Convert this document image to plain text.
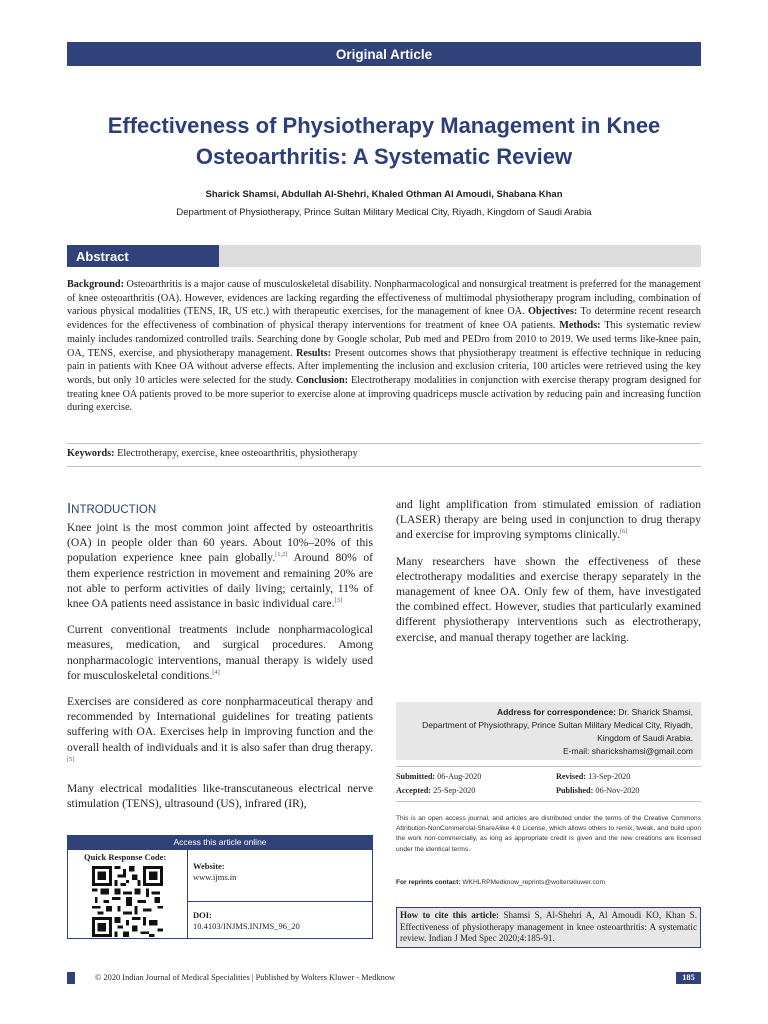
Original Article
Effectiveness of Physiotherapy Management in Knee
Osteoarthritis: A Systematic Review
Sharick Shamsi, Abdullah Al-Shehri, Khaled Othman Al Amoudi, Shabana Khan
Department of Physiotherapy, Prince Sultan Military Medical City, Riyadh, Kingdom of Saudi Arabia
Abstract
Background: Osteoarthritis is a major cause of musculoskeletal disability. Nonpharmacological and nonsurgical treatment is preferred for the management of knee osteoarthritis (OA). However, evidences are lacking regarding the effectiveness of multimodal physiotherapy program including, combination of various physical modalities (TENS, IR, US etc.) with therapeutic exercises, for the management of knee OA. Objectives: To determine recent research evidences for the effectiveness of combination of physical therapy interventions for treatment of knee OA patients. Methods: This systematic review mainly includes randomized controlled trails. Searching done by Google scholar, Pub med and PEDro from 2010 to 2019. We used terms like-knee pain, OA, TENS, exercise, and physiotherapy management. Results: Present outcomes shows that physiotherapy treatment is effective technique in reducing pain in patients with Knee OA without adverse effects. After implementing the inclusion and exclusion criteria, 100 articles were retrieved using the key words, but only 10 articles were selected for the study. Conclusion: Electrotherapy modalities in conjunction with exercise therapy program designed for treating knee OA patients proved to be more superior to exercise alone at improving quadriceps muscle activation by reducing pain and increasing function during exercise.
Keywords: Electrotherapy, exercise, knee osteoarthritis, physiotherapy
INTRODUCTION

Knee joint is the most common joint affected by osteoarthritis (OA) in people older than 60 years. About 10%–20% of this population experience knee pain globally.[1,2] Around 80% of them experience restriction in movement and remaining 20% are not able to perform activities of daily living; certainly, 11% of knee OA patients need assistance in basic individual care.[3]

Current conventional treatments include nonpharmacological measures, medication, and surgical procedures. Among nonpharmacologic interventions, manual therapy is widely used for musculoskeletal conditions.[4]

Exercises are considered as core nonpharmaceutical therapy and recommended by International guidelines for treating patients suffering with OA. Exercises help in improving function and the overall health of individuals and it is also safer than drug therapy.[5]

Many electrical modalities like-transcutaneous electrical nerve stimulation (TENS), ultrasound (US), infrared (IR),

and light amplification from stimulated emission of radiation (LASER) therapy are being used in conjunction to drug therapy and exercise for improving symptoms clinically.[6]

Many researchers have shown the effectiveness of these electrotherapy modalities and exercise therapy separately in the management of knee OA. Only few of them, have investigated the combined effect. However, studies that particularly examined different physiotherapy interventions such as electrotherapy, exercise, and manual therapy together are lacking.

Access this article online
Quick Response Code:
Website:
www.ijms.in
DOI:
10.4103/INJMS.INJMS_96_20
Address for correspondence: Dr. Sharick Shamsi,
Department of Physiothrapy, Prince Sultan Military Medical City, Riyadh,
Kingdom of Saudi Arabia.
E-mail: sharickshamsi@gmail.com
Submitted: 06-Aug-2020	Revised: 13-Sep-2020
Accepted: 25-Sep-2020	Published: 06-Nov-2020
This is an open access journal, and articles are distributed under the terms of the Creative Commons Attribution‑NonCommercial‑ShareAlike 4.0 License, which allows others to remix, tweak, and build upon the work non‑commercially, as long as appropriate credit is given and the new creations are licensed under the identical terms.
For reprints contact: WKHLRPMedknow_reprints@wolterskluwer.com
How to cite this article: Shamsi S, Al-Shehri A, Al Amoudi KO, Khan S. Effectiveness of physiotherapy management in knee osteoarthritis: A systematic review. Indian J Med Spec 2020;4:185-91.
© 2020 Indian Journal of Medical Specialities | Published by Wolters Kluwer - Medknow	185
